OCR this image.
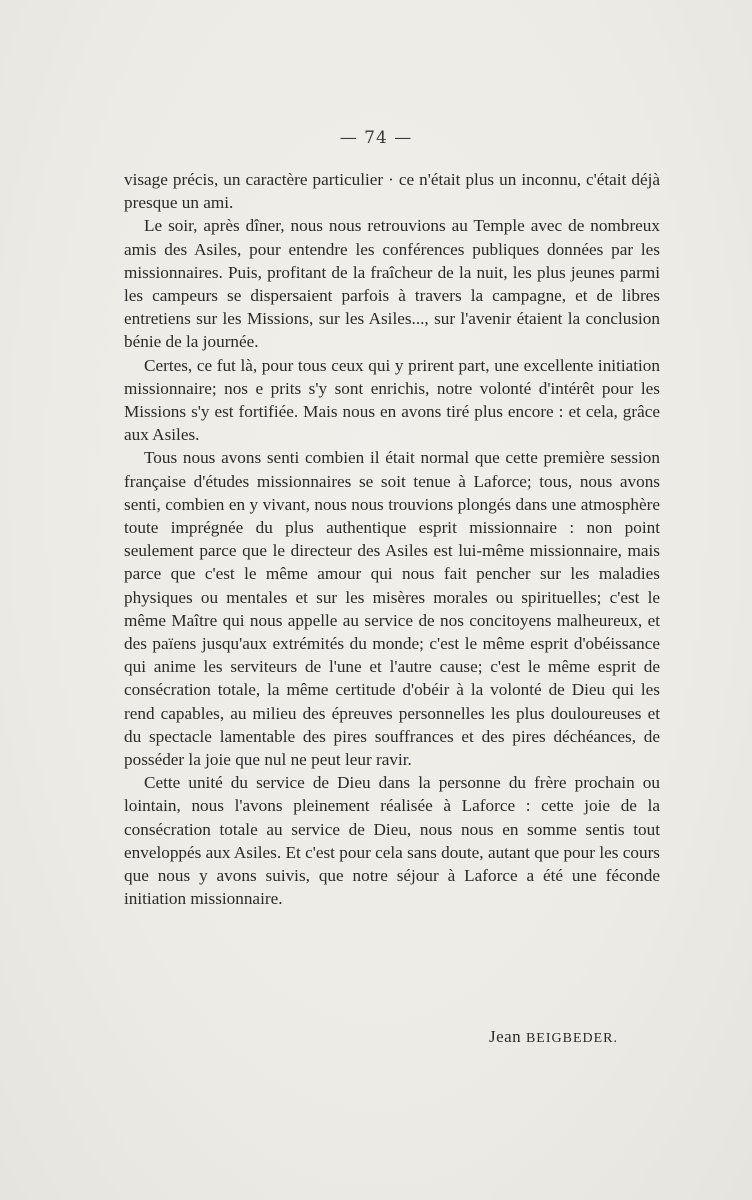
— 74 —

visage précis, un caractère particulier · ce n'était plus un inconnu, c'était déjà presque un ami.

Le soir, après dîner, nous nous retrouvions au Temple avec de nombreux amis des Asiles, pour entendre les conférences publiques données par les missionnaires. Puis, profitant de la fraîcheur de la nuit, les plus jeunes parmi les campeurs se dispersaient parfois à travers la campagne, et de libres entretiens sur les Missions, sur les Asiles..., sur l'avenir étaient la conclusion bénie de la journée.

Certes, ce fut là, pour tous ceux qui y prirent part, une excellente initiation missionnaire; nos e prits s'y sont enrichis, notre volonté d'intérêt pour les Missions s'y est fortifiée. Mais nous en avons tiré plus encore : et cela, grâce aux Asiles.

Tous nous avons senti combien il était normal que cette première session française d'études missionnaires se soit tenue à Laforce; tous, nous avons senti, combien en y vivant, nous nous trouvions plongés dans une atmosphère toute imprégnée du plus authentique esprit missionnaire : non point seulement parce que le directeur des Asiles est lui-même missionnaire, mais parce que c'est le même amour qui nous fait pencher sur les maladies physiques ou mentales et sur les misères morales ou spirituelles; c'est le même Maître qui nous appelle au service de nos concitoyens malheureux, et des païens jusqu'aux extrémités du monde; c'est le même esprit d'obéissance qui anime les serviteurs de l'une et l'autre cause; c'est le même esprit de consécration totale, la même certitude d'obéir à la volonté de Dieu qui les rend capables, au milieu des épreuves personnelles les plus douloureuses et du spectacle lamentable des pires souffrances et des pires déchéances, de posséder la joie que nul ne peut leur ravir.

Cette unité du service de Dieu dans la personne du frère prochain ou lointain, nous l'avons pleinement réalisée à Laforce : cette joie de la consécration totale au service de Dieu, nous nous en somme sentis tout enveloppés aux Asiles. Et c'est pour cela sans doute, autant que pour les cours que nous y avons suivis, que notre séjour à Laforce a été une féconde initiation missionnaire.

Jean BEIGBEDER.
